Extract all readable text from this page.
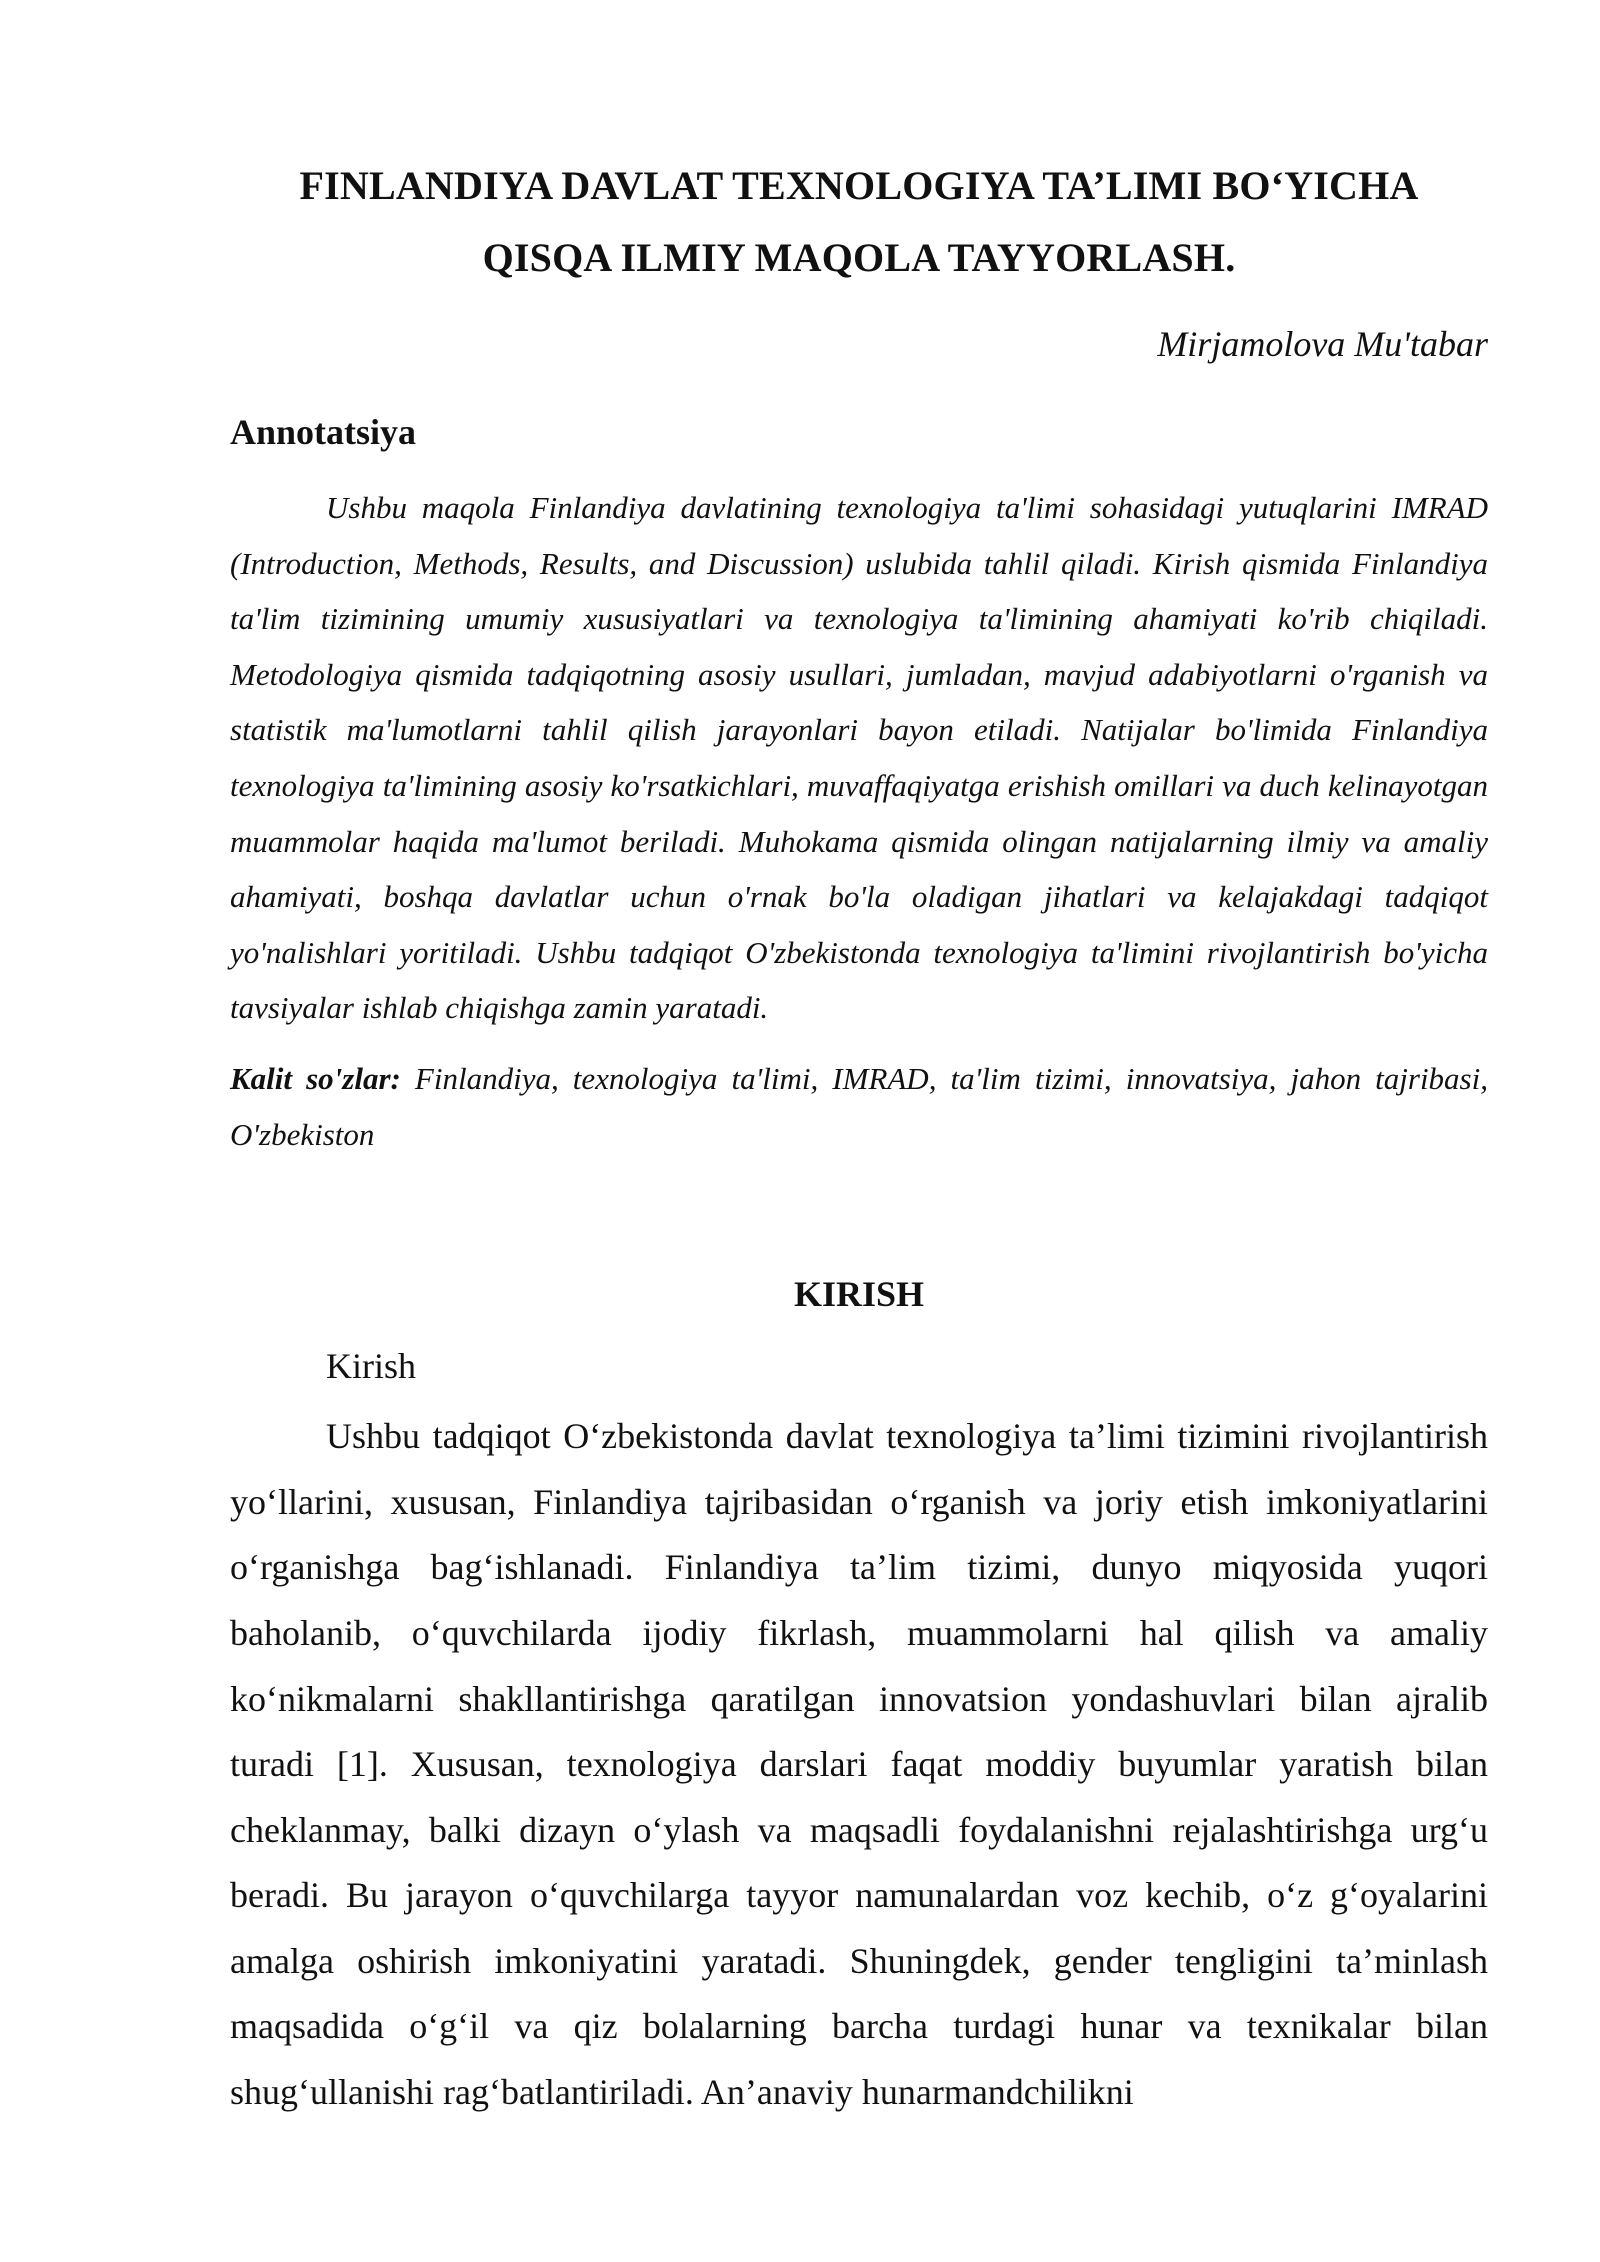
FINLANDIYA DAVLAT TEXNOLOGIYA TA’LIMI BO‘YICHA
QISQA ILMIY MAQOLA TAYYORLASH.
Mirjamolova Mu'tabar
Annotatsiya

Ushbu maqola Finlandiya davlatining texnologiya ta'limi sohasidagi yutuqlarini IMRAD (Introduction, Methods, Results, and Discussion) uslubida tahlil qiladi. Kirish qismida Finlandiya ta'lim tizimining umumiy xususiyatlari va texnologiya ta'limining ahamiyati ko'rib chiqiladi. Metodologiya qismida tadqiqotning asosiy usullari, jumladan, mavjud adabiyotlarni o'rganish va statistik ma'lumotlarni tahlil qilish jarayonlari bayon etiladi. Natijalar bo'limida Finlandiya texnologiya ta'limining asosiy ko'rsatkichlari, muvaffaqiyatga erishish omillari va duch kelinayotgan muammolar haqida ma'lumot beriladi. Muhokama qismida olingan natijalarning ilmiy va amaliy ahamiyati, boshqa davlatlar uchun o'rnak bo'la oladigan jihatlari va kelajakdagi tadqiqot yo'nalishlari yoritiladi. Ushbu tadqiqot O'zbekistonda texnologiya ta'limini rivojlantirish bo'yicha tavsiyalar ishlab chiqishga zamin yaratadi.

Kalit so'zlar: Finlandiya, texnologiya ta'limi, IMRAD, ta'lim tizimi, innovatsiya, jahon tajribasi, O'zbekiston

KIRISH
Kirish

Ushbu tadqiqot O‘zbekistonda davlat texnologiya ta’limi tizimini rivojlantirish yo‘llarini, xususan, Finlandiya tajribasidan o‘rganish va joriy etish imkoniyatlarini o‘rganishga bag‘ishlanadi. Finlandiya ta’lim tizimi, dunyo miqyosida yuqori baholanib, o‘quvchilarda ijodiy fikrlash, muammolarni hal qilish va amaliy ko‘nikmalarni shakllantirishga qaratilgan innovatsion yondashuvlari bilan ajralib turadi [1]. Xususan, texnologiya darslari faqat moddiy buyumlar yaratish bilan cheklanmay, balki dizayn o‘ylash va maqsadli foydalanishni rejalashtirishga urg‘u beradi. Bu jarayon o‘quvchilarga tayyor namunalardan voz kechib, o‘z g‘oyalarini amalga oshirish imkoniyatini yaratadi. Shuningdek, gender tengligini ta’minlash maqsadida o‘g‘il va qiz bolalarning barcha turdagi hunar va texnikalar bilan shug‘ullanishi rag‘batlantiriladi. An’anaviy hunarmandchilikni
